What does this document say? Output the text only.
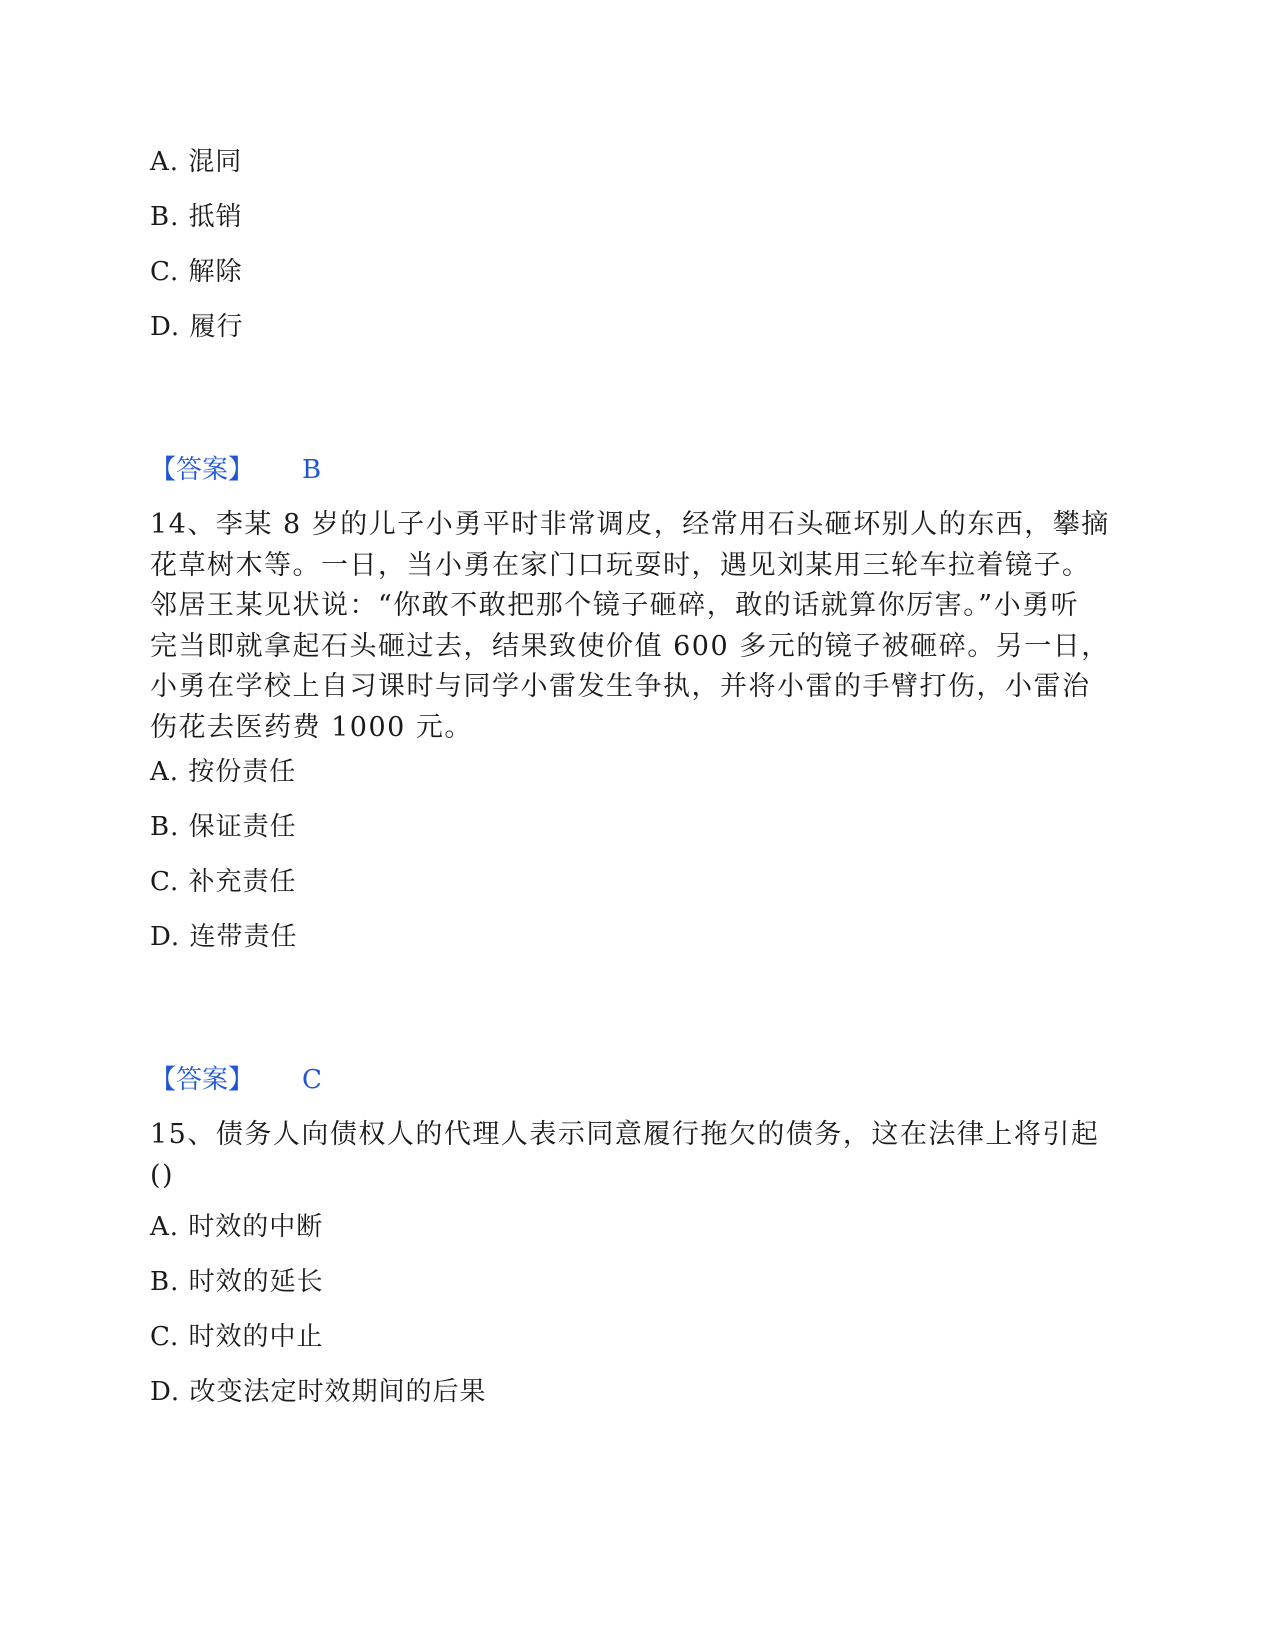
A. 混同
B. 抵销
C. 解除
D. 履行
【答案】 B
14、李某 8 岁的儿子小勇平时非常调皮，经常用石头砸坏别人的东西，攀摘
花草树木等。一日，当小勇在家门口玩耍时，遇见刘某用三轮车拉着镜子。
邻居王某见状说：“你敢不敢把那个镜子砸碎，敢的话就算你厉害。”小勇听
完当即就拿起石头砸过去，结果致使价值 600 多元的镜子被砸碎。另一日，
小勇在学校上自习课时与同学小雷发生争执，并将小雷的手臂打伤，小雷治
伤花去医药费 1000 元。
A. 按份责任
B. 保证责任
C. 补充责任
D. 连带责任
【答案】 C
15、债务人向债权人的代理人表示同意履行拖欠的债务，这在法律上将引起
()
A. 时效的中断
B. 时效的延长
C. 时效的中止
D. 改变法定时效期间的后果
